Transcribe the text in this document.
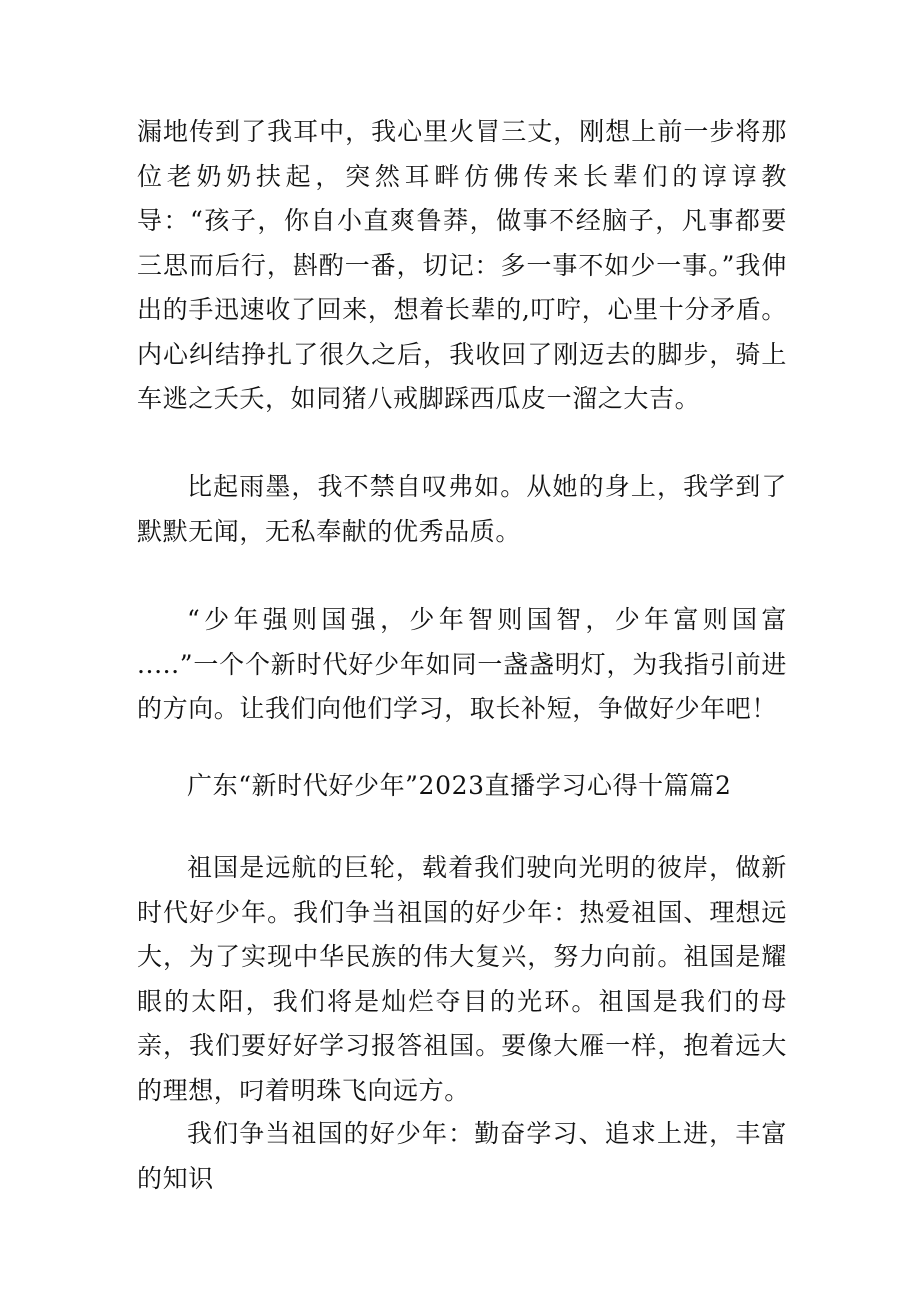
漏地传到了我耳中，我心里火冒三丈，刚想上前一步将那位老奶奶扶起，突然耳畔仿佛传来长辈们的谆谆教导：“孩子，你自小直爽鲁莽，做事不经脑子，凡事都要三思而后行，斟酌一番，切记：多一事不如少一事。”我伸出的手迅速收了回来，想着长辈的,叮咛，心里十分矛盾。内心纠结挣扎了很久之后，我收回了刚迈去的脚步，骑上车逃之夭夭，如同猪八戒脚踩西瓜皮一溜之大吉。

比起雨墨，我不禁自叹弗如。从她的身上，我学到了默默无闻，无私奉献的优秀品质。

“少年强则国强，少年智则国智，少年富则国富 .....”一个个新时代好少年如同一盏盏明灯，为我指引前进的方向。让我们向他们学习，取长补短，争做好少年吧！

广东“新时代好少年”2023直播学习心得十篇篇2

祖国是远航的巨轮，载着我们驶向光明的彼岸，做新时代好少年。我们争当祖国的好少年：热爱祖国、理想远大，为了实现中华民族的伟大复兴，努力向前。祖国是耀眼的太阳，我们将是灿烂夺目的光环。祖国是我们的母亲，我们要好好学习报答祖国。要像大雁一样，抱着远大的理想，叼着明珠飞向远方。

我们争当祖国的好少年：勤奋学习、追求上进，丰富的知识
